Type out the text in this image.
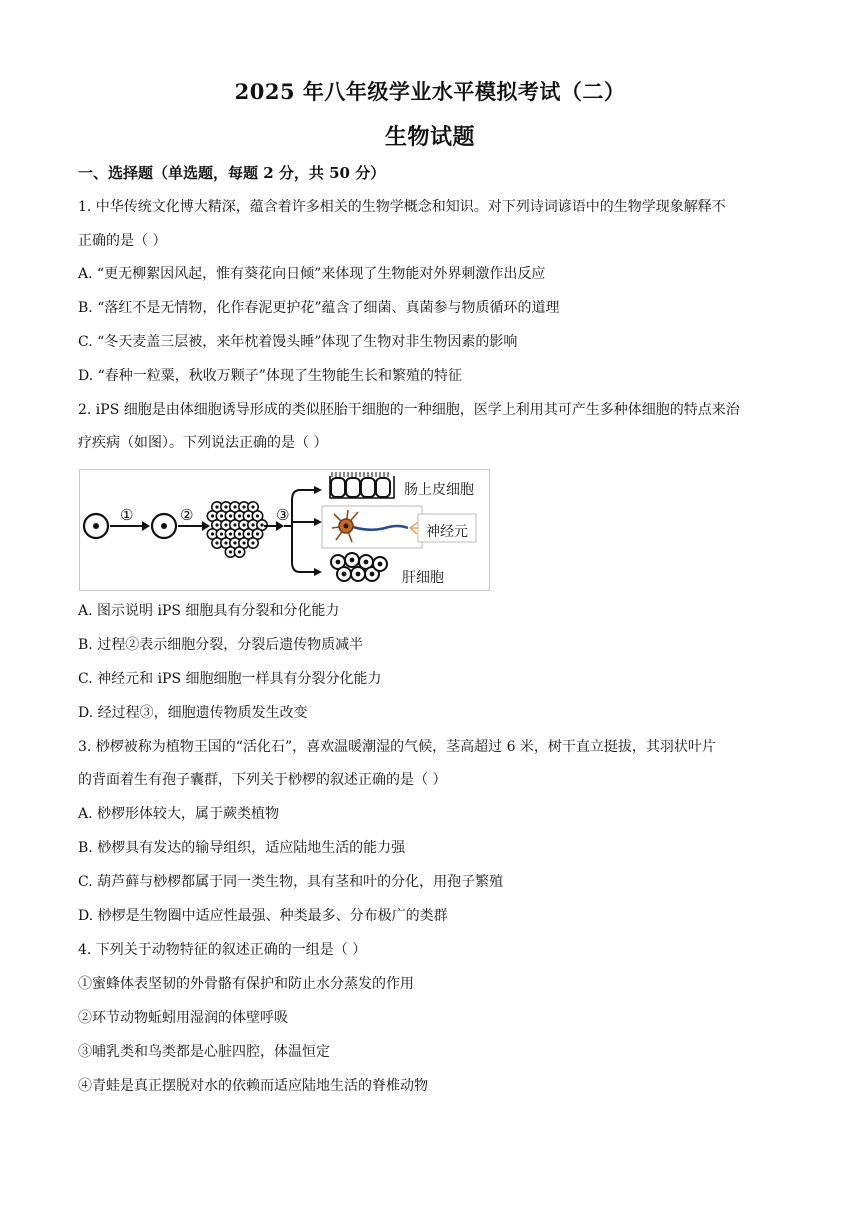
2025 年八年级学业水平模拟考试（二）
生物试题
一、选择题（单选题，每题 2 分，共 50 分）
1. 中华传统文化博大精深，蕴含着许多相关的生物学概念和知识。对下列诗词谚语中的生物学现象解释不
正确的是（ ）
A. “更无柳絮因风起，惟有葵花向日倾”来体现了生物能对外界刺激作出反应
B. “落红不是无情物，化作春泥更护花”蕴含了细菌、真菌参与物质循环的道理
C. “冬天麦盖三层被，来年枕着馒头睡”体现了生物对非生物因素的影响
D. “春种一粒粟，秋收万颗子”体现了生物能生长和繁殖的特征
2. iPS 细胞是由体细胞诱导形成的类似胚胎干细胞的一种细胞，医学上利用其可产生多种体细胞的特点来治
疗疾病（如图）。下列说法正确的是（ ）
①	②	③
肠上皮细胞
神经元
肝细胞
A. 图示说明 iPS 细胞具有分裂和分化能力
B. 过程②表示细胞分裂，分裂后遗传物质减半
C. 神经元和 iPS 细胞细胞一样具有分裂分化能力
D. 经过程③，细胞遗传物质发生改变
3. 桫椤被称为植物王国的“活化石”，喜欢温暖潮湿的气候，茎高超过 6 米，树干直立挺拔，其羽状叶片
的背面着生有孢子囊群，下列关于桫椤的叙述正确的是（ ）
A. 桫椤形体较大，属于蕨类植物
B. 桫椤具有发达的输导组织，适应陆地生活的能力强
C. 葫芦藓与桫椤都属于同一类生物，具有茎和叶的分化，用孢子繁殖
D. 桫椤是生物圈中适应性最强、种类最多、分布极广的类群
4. 下列关于动物特征的叙述正确的一组是（ ）
①蜜蜂体表坚韧的外骨骼有保护和防止水分蒸发的作用
②环节动物蚯蚓用湿润的体壁呼吸
③哺乳类和鸟类都是心脏四腔，体温恒定
④青蛙是真正摆脱对水的依赖而适应陆地生活的脊椎动物
